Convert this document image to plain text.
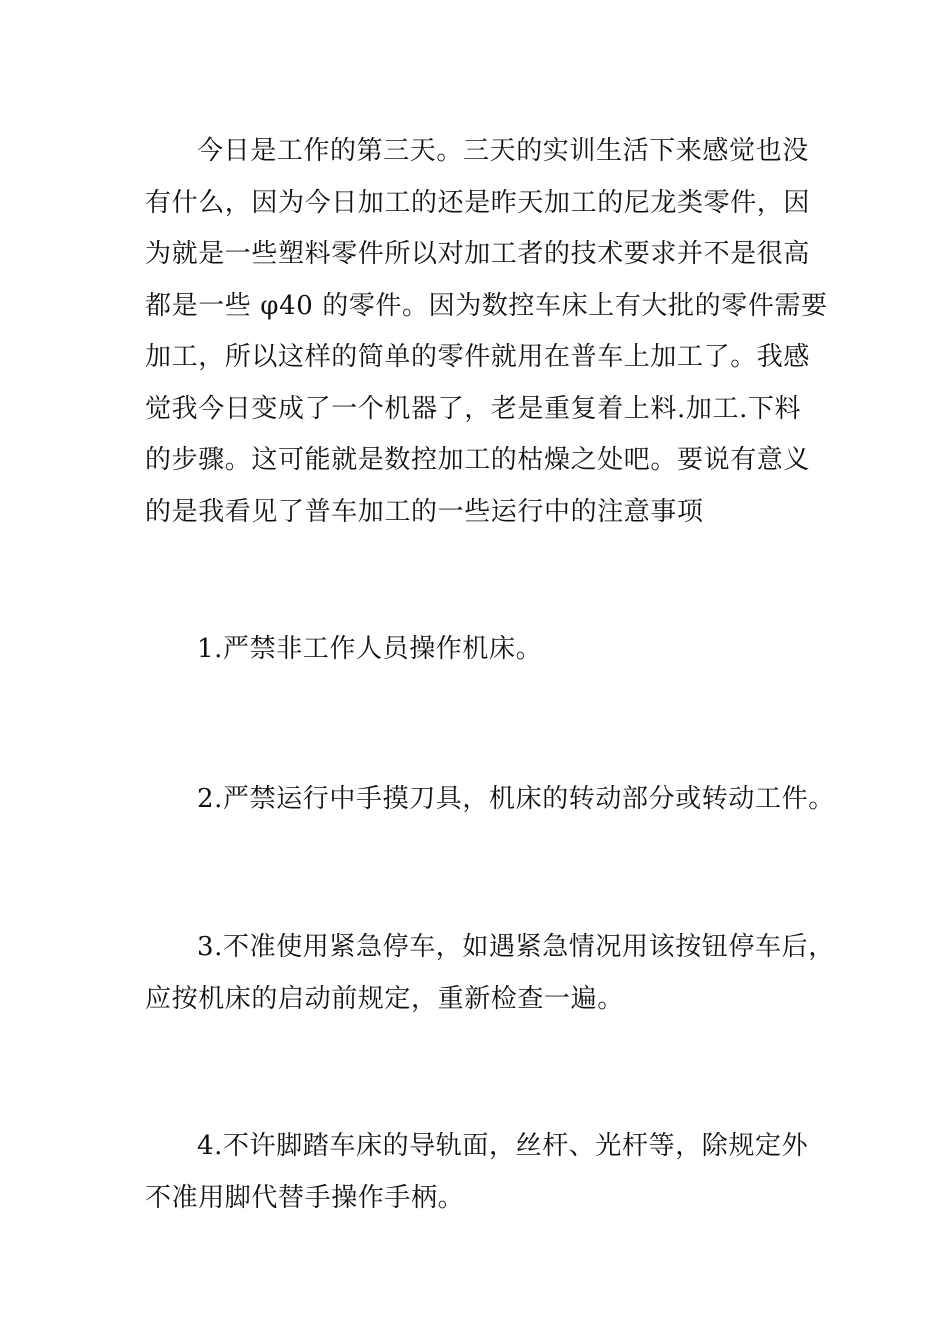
今日是工作的第三天。三天的实训生活下来感觉也没
有什么，因为今日加工的还是昨天加工的尼龙类零件，因
为就是一些塑料零件所以对加工者的技术要求并不是很高
都是一些 φ40 的零件。因为数控车床上有大批的零件需要
加工，所以这样的简单的零件就用在普车上加工了。我感
觉我今日变成了一个机器了，老是重复着上料.加工.下料
的步骤。这可能就是数控加工的枯燥之处吧。要说有意义
的是我看见了普车加工的一些运行中的注意事项
1.严禁非工作人员操作机床。
2.严禁运行中手摸刀具，机床的转动部分或转动工件。
3.不准使用紧急停车，如遇紧急情况用该按钮停车后，
应按机床的启动前规定，重新检查一遍。
4.不许脚踏车床的导轨面，丝杆、光杆等，除规定外
不准用脚代替手操作手柄。
